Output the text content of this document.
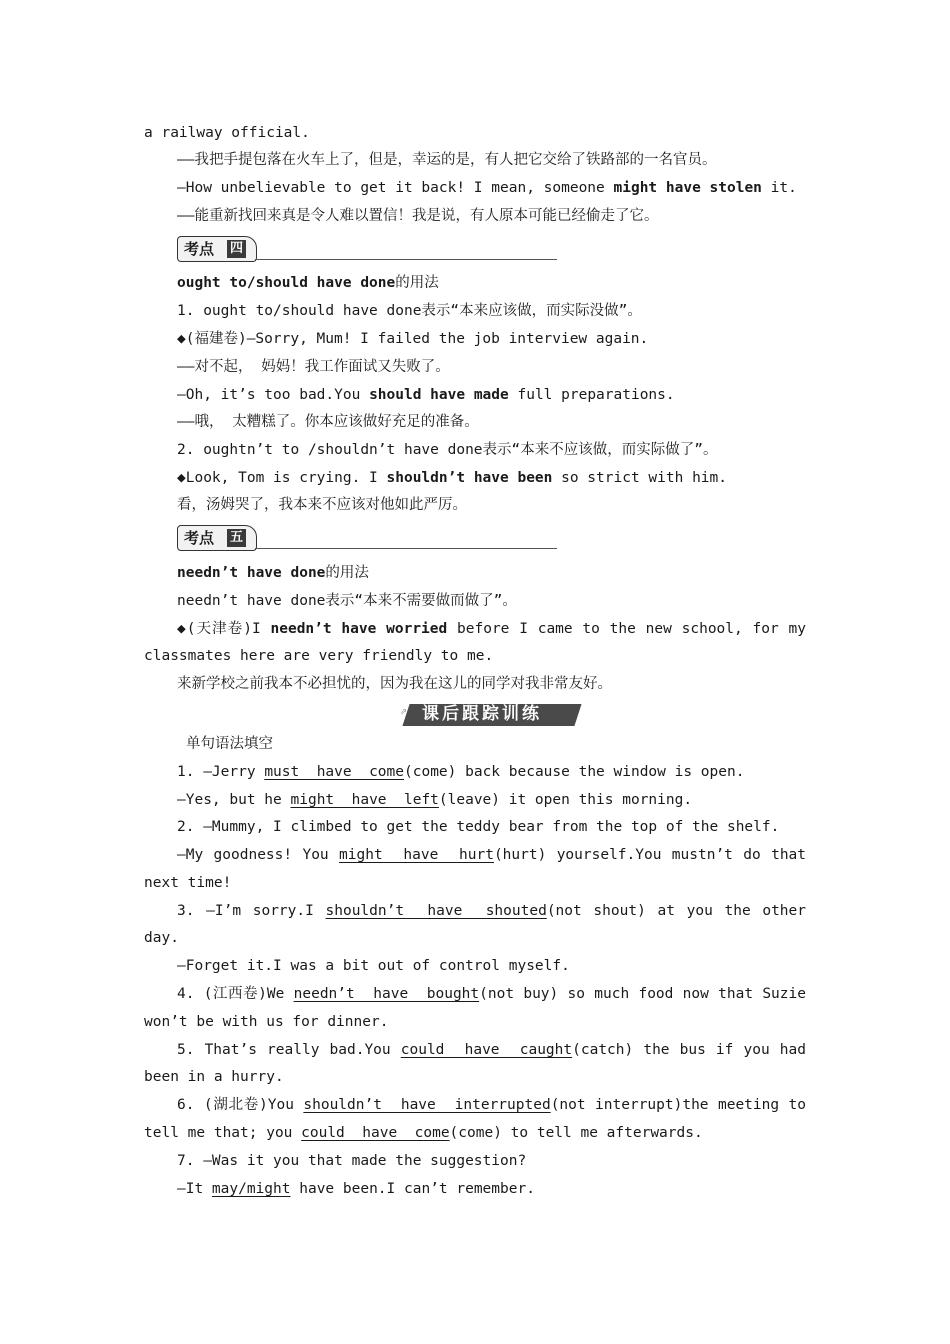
a railway official.
——我把手提包落在火车上了，但是，幸运的是，有人把它交给了铁路部的一名官员。
—How unbelievable to get it back! I mean, someone might have stolen it.
——能重新找回来真是令人难以置信！我是说，有人原本可能已经偷走了它。
考点 四
ought to/should have done的用法
1. ought to/should have done表示“本来应该做，而实际没做”。
◆(福建卷)—Sorry, Mum! I failed the job interview again.
——对不起， 妈妈！我工作面试又失败了。
—Oh, it’s too bad.You should have made full preparations.
——哦， 太糟糕了。你本应该做好充足的准备。
2. oughtn’t to /shouldn’t have done表示“本来不应该做，而实际做了”。
◆Look, Tom is crying. I shouldn’t have been so strict with him.
看，汤姆哭了，我本来不应该对他如此严厉。
考点 五
needn’t have done的用法
needn’t have done表示“本来不需要做而做了”。
◆(天津卷)I needn’t have worried before I came to the new school, for my
classmates here are very friendly to me.
来新学校之前我本不必担忧的，因为我在这儿的同学对我非常友好。
⇗ 课后跟踪训练
单句语法填空
1. —Jerry must  have  come(come) back because the window is open.
—Yes, but he might  have  left(leave) it open this morning.
2. —Mummy, I climbed to get the teddy bear from the top of the shelf.
—My goodness! You might  have  hurt(hurt) yourself.You mustn’t do that
next time!
3. —I’m sorry.I shouldn’t  have  shouted(not shout) at you the other
day.
—Forget it.I was a bit out of control myself.
4. (江西卷)We needn’t  have  bought(not buy) so much food now that Suzie
won’t be with us for dinner.
5. That’s really bad.You could  have  caught(catch) the bus if you had
been in a hurry.
6. (湖北卷)You shouldn’t  have  interrupted(not interrupt)the meeting to
tell me that; you could  have  come(come) to tell me afterwards.
7. —Was it you that made the suggestion?
—It may/might have been.I can’t remember.
